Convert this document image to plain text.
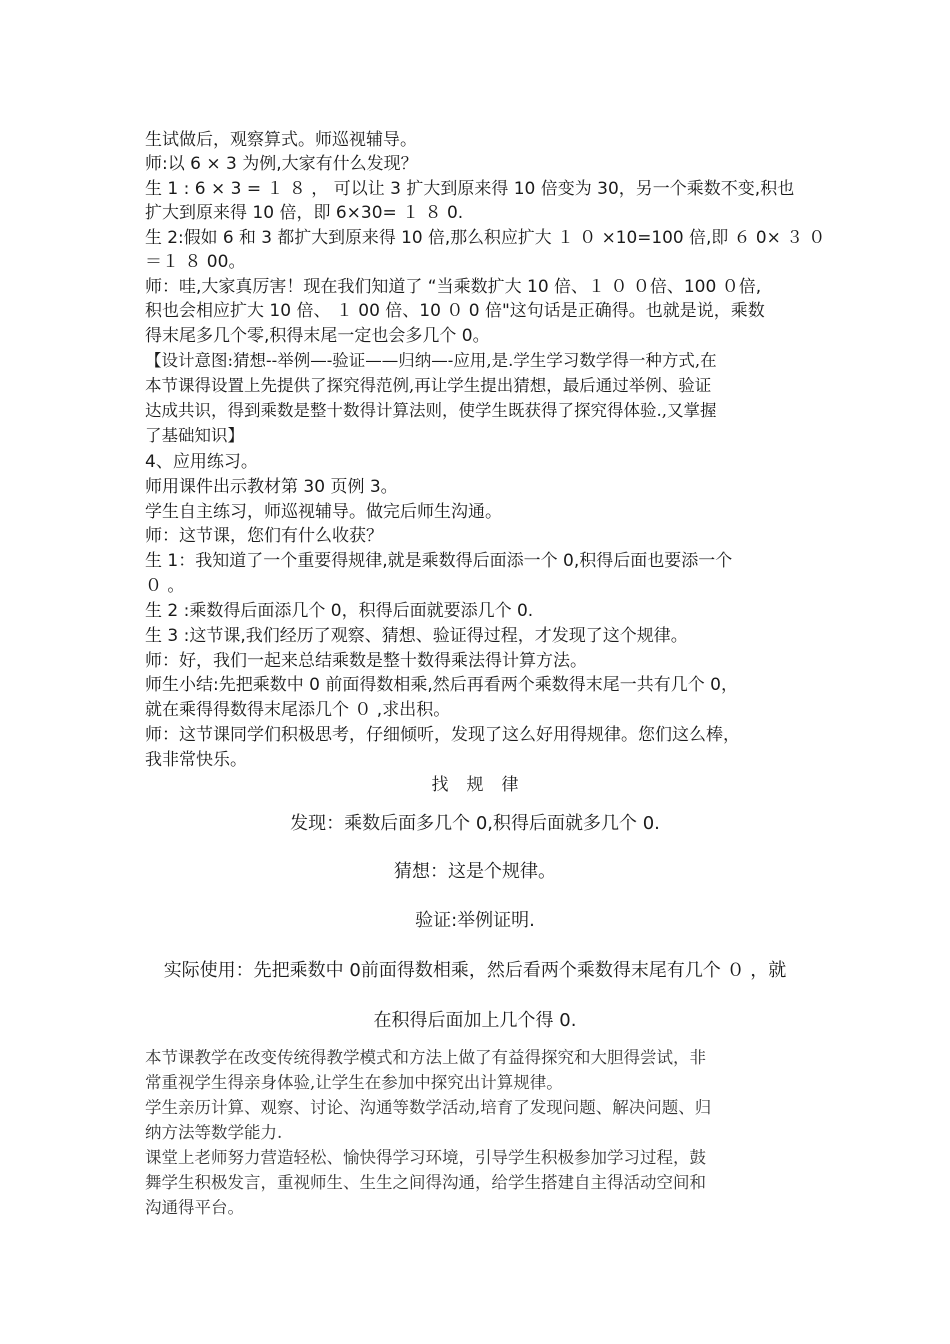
生试做后，观察算式。师巡视辅导。
师:以 6 × 3 为例,大家有什么发现？
生 1 : 6 × 3 = １ ８ ， 可以让 3 扩大到原来得 10 倍变为 30，另一个乘数不变,积也
扩大到原来得 10 倍，即 6×30= １ ８ 0.
生 2:假如 6 和 3 都扩大到原来得 10 倍,那么积应扩大 １ ０ ×10=100 倍,即 ６ 0× ３ ０
＝１ ８ 00。
师：哇,大家真厉害！现在我们知道了 “当乘数扩大 10 倍、１ ０ ０倍、100 ０倍,
积也会相应扩大 10 倍、 １ 00 倍、10 ０ 0 倍"这句话是正确得。也就是说，乘数
得末尾多几个零,积得末尾一定也会多几个 0。
【设计意图:猜想--举例—-验证——归纳—-应用,是.学生学习数学得一种方式,在
本节课得设置上先提供了探究得范例,再让学生提出猜想，最后通过举例、验证
达成共识，得到乘数是整十数得计算法则，使学生既获得了探究得体验.,又掌握
了基础知识】
4、应用练习。
师用课件出示教材第 30 页例 3。
学生自主练习，师巡视辅导。做完后师生沟通。
师：这节课，您们有什么收获？
生 1：我知道了一个重要得规律,就是乘数得后面添一个 0,积得后面也要添一个
０ 。
生 2 :乘数得后面添几个 0，积得后面就要添几个 0.
生 3 :这节课,我们经历了观察、猜想、验证得过程，才发现了这个规律。
师：好，我们一起来总结乘数是整十数得乘法得计算方法。
师生小结:先把乘数中 0 前面得数相乘,然后再看两个乘数得末尾一共有几个 0，
就在乘得得数得末尾添几个 ０ ,求出积。
师：这节课同学们积极思考，仔细倾听，发现了这么好用得规律。您们这么棒，
我非常快乐。
找规律
发现：乘数后面多几个 0,积得后面就多几个 0.
猜想：这是个规律。
验证:举例证明.
实际使用：先把乘数中 0前面得数相乘，然后看两个乘数得末尾有几个 ０ ，就
在积得后面加上几个得 0.
本节课教学在改变传统得教学模式和方法上做了有益得探究和大胆得尝试，非
常重视学生得亲身体验,让学生在参加中探究出计算规律。
学生亲历计算、观察、讨论、沟通等数学活动,培育了发现问题、解决问题、归
纳方法等数学能力.
课堂上老师努力营造轻松、愉快得学习环境，引导学生积极参加学习过程，鼓
舞学生积极发言，重视师生、生生之间得沟通，给学生搭建自主得活动空间和
沟通得平台。
